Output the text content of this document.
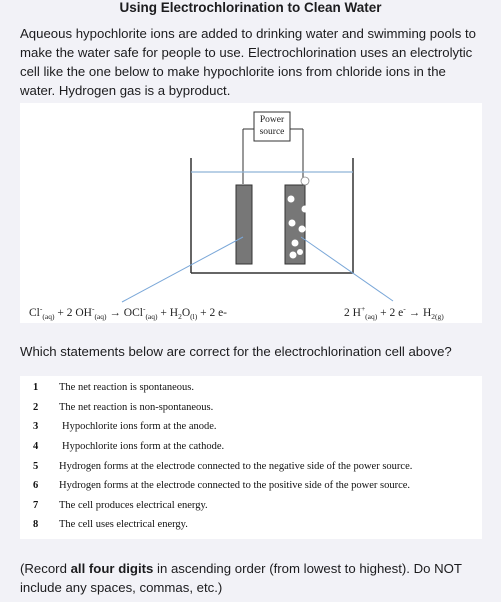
Using Electrochlorination to Clean Water
Aqueous hypochlorite ions are added to drinking water and swimming pools to make the water safe for people to use. Electrochlorination uses an electrolytic cell like the one below to make hypochlorite ions from chloride ions in the water. Hydrogen gas is a byproduct.
Power
source
$Cl^-_{(aq)} + 2$ $OH^-_{(aq)} \to OCl^-_{(aq)} + H_2O_{(l)} + 2$ e-	2 $H^+_{(aq)} + 2$ $e^- \to H_{2(g)}$
Which statements below are correct for the electrochlorination cell above?
1 The net reaction is spontaneous.
2 The net reaction is non-spontaneous.
3 Hypochlorite ions form at the anode.
4 Hypochlorite ions form at the cathode.
5 Hydrogen forms at the electrode connected to the negative side of the power source.
6 Hydrogen forms at the electrode connected to the positive side of the power source.
7 The cell produces electrical energy.
8 The cell uses electrical energy.
(Record all four digits in ascending order (from lowest to highest). Do NOT include any spaces, commas, etc.)
